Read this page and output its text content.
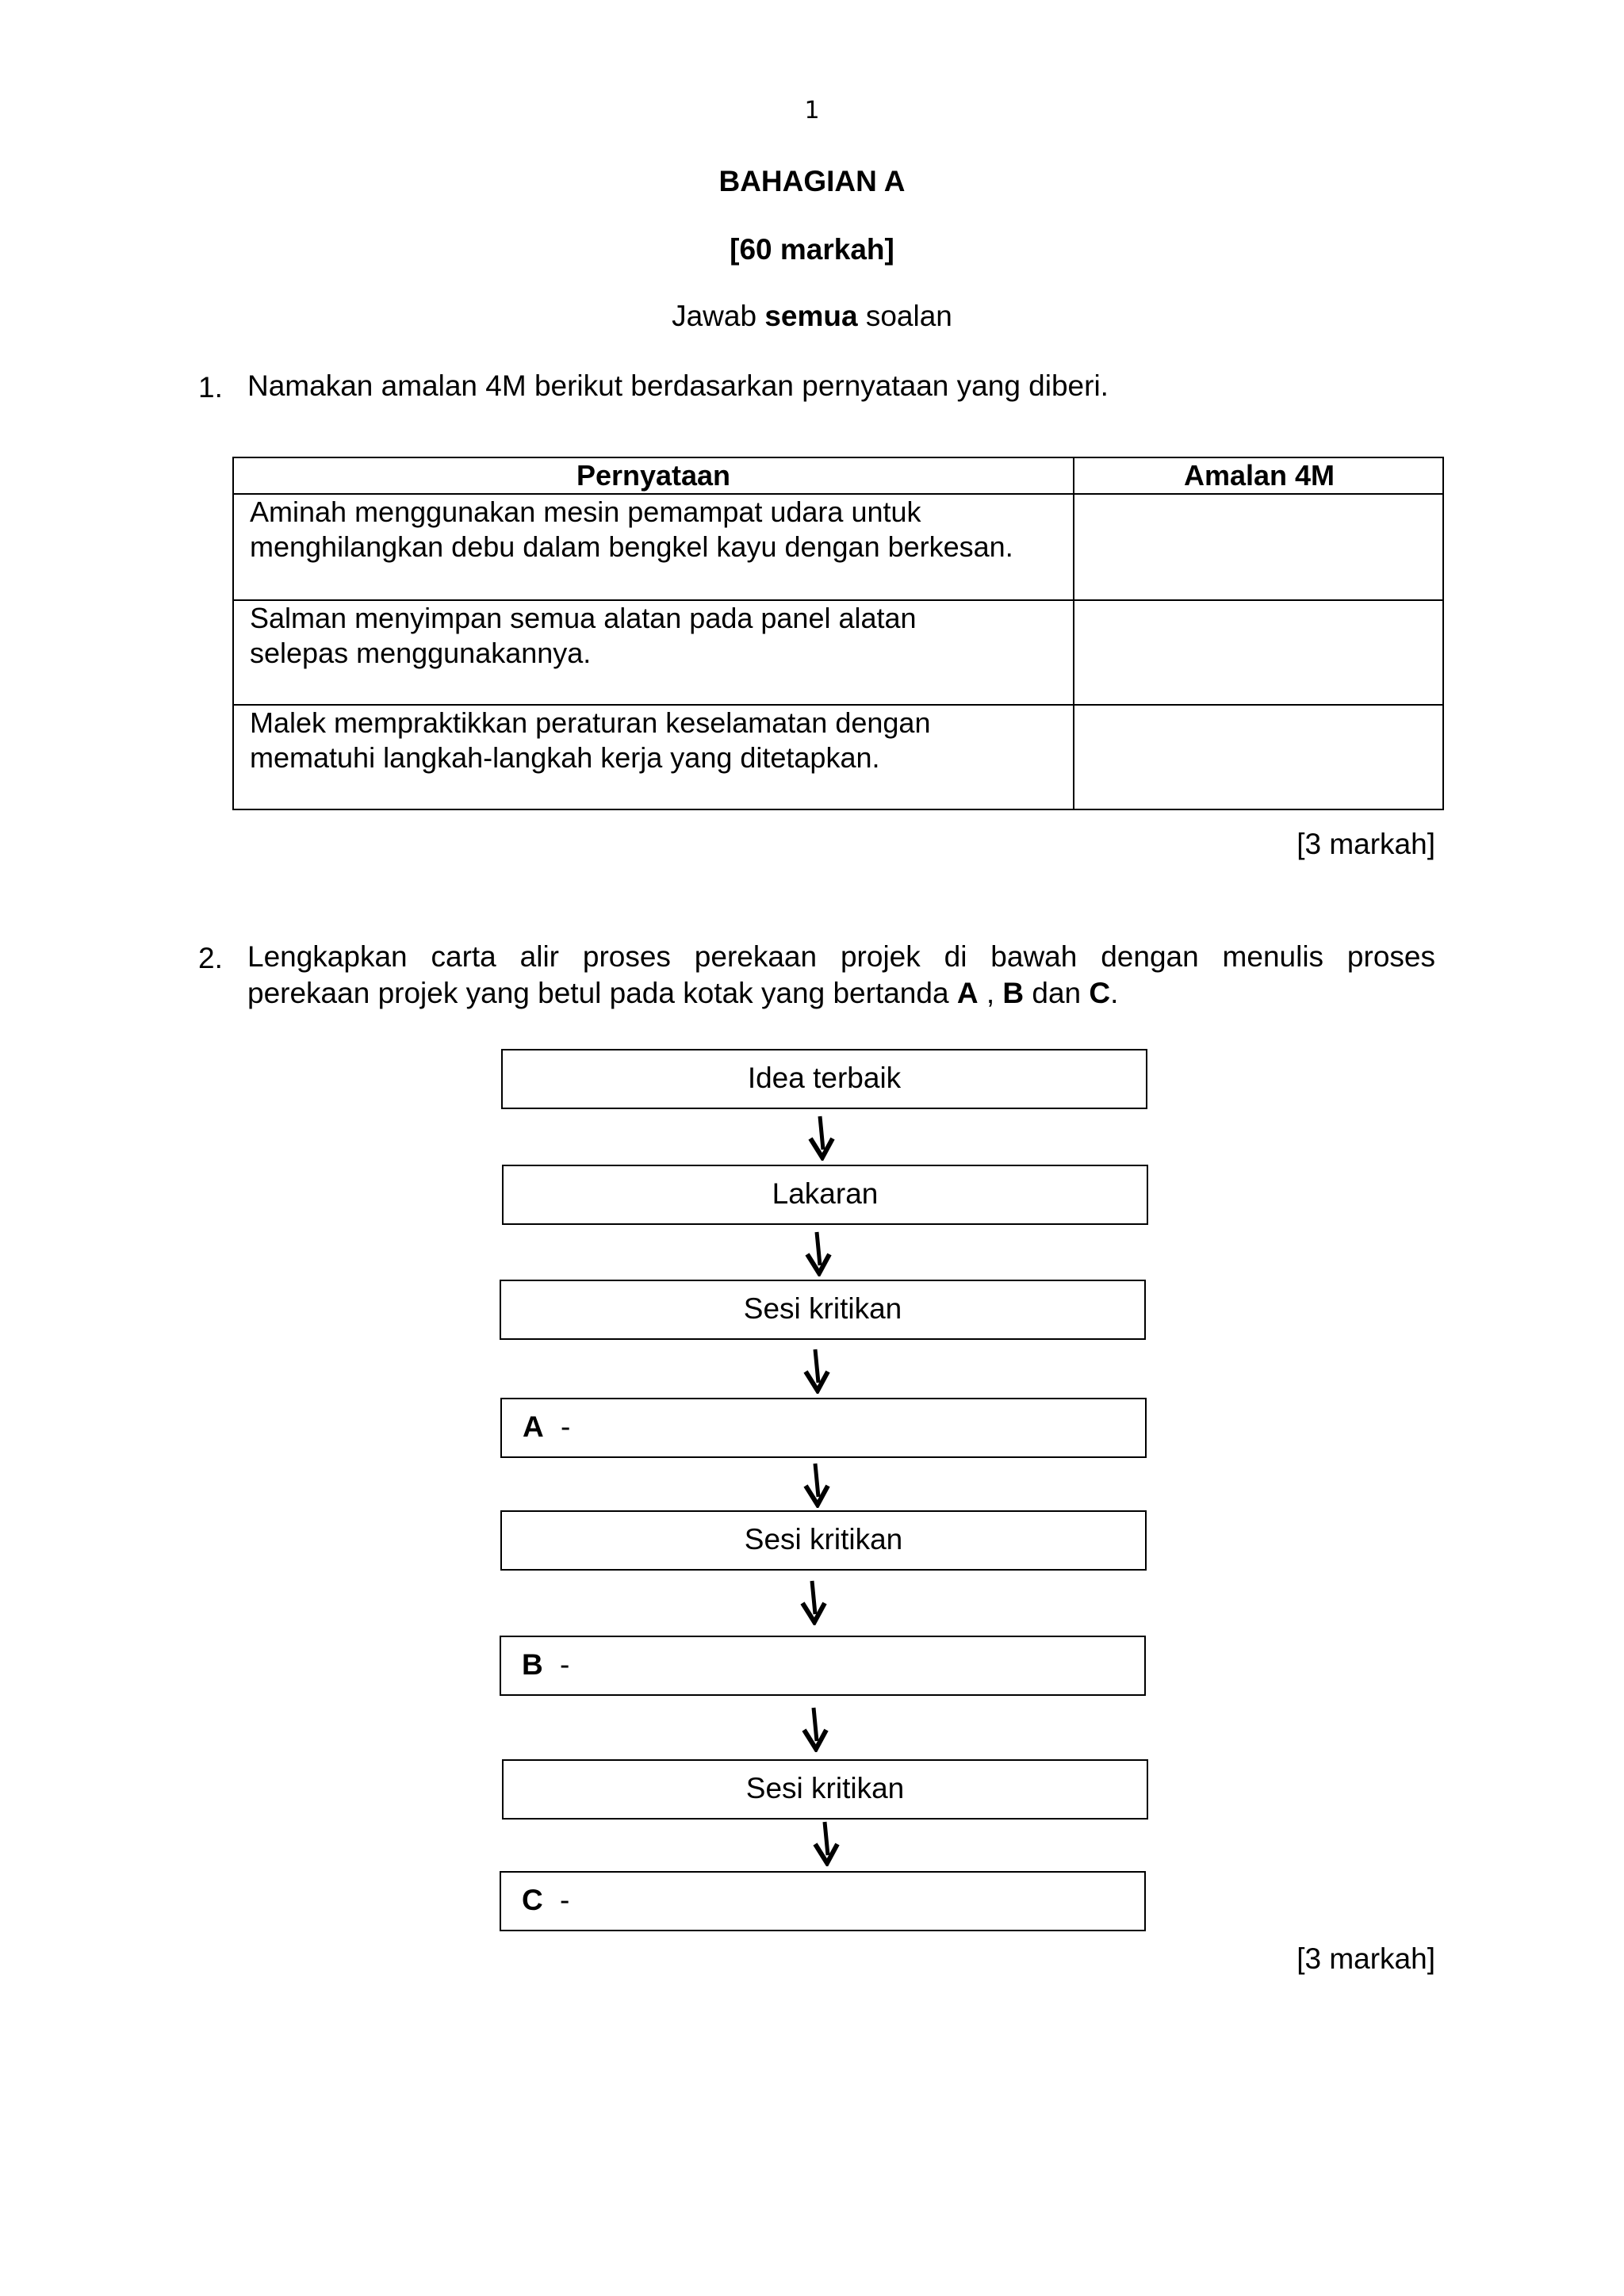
1
BAHAGIAN A
[60 markah]
Jawab semua soalan
1. Namakan amalan 4M berikut berdasarkan pernyataan yang diberi.
Pernyataan	Amalan 4M
Aminah menggunakan mesin pemampat udara untuk
menghilangkan debu dalam bengkel kayu dengan berkesan.
Salman menyimpan semua alatan pada panel alatan
selepas menggunakannya.
Malek mempraktikkan peraturan keselamatan dengan
mematuhi langkah-langkah kerja yang ditetapkan.
[3 markah]
2. Lengkapkan carta alir proses perekaan projek di bawah dengan menulis proses
perekaan projek yang betul pada kotak yang bertanda A , B dan C.
Idea terbaik
Lakaran
Sesi kritikan
A -
Sesi kritikan
B -
Sesi kritikan
C -
[3 markah]
